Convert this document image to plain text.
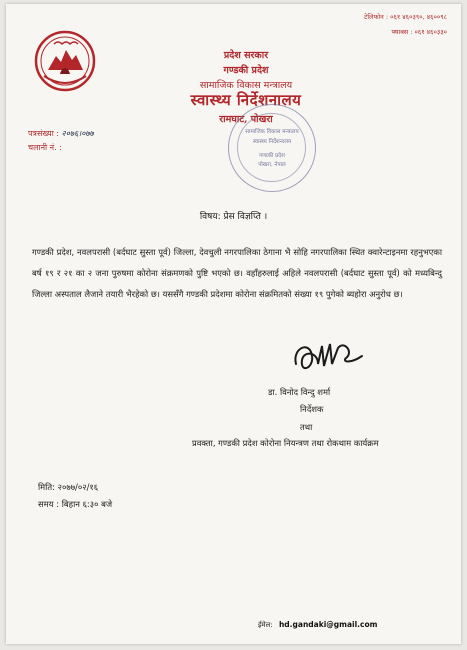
टेलिफोन : ०६१ ४६०३९०, ४६००९८
फ्याक्स : ०६१ ४६०३३०
प्रदेश सरकार
गण्डकी प्रदेश
सामाजिक विकास मन्त्रालय
स्वास्थ्य निर्देशनालय
रामघाट, पोखरा
सामाजिक विकास मन्त्रालय
स्वास्थ्य निर्देशनालय
गण्डकी प्रदेश
पोखरा, नेपाल
पत्रसंख्या : २०७६।०७७
चलानी नं. :
विषय: प्रेस विज्ञप्ति ।
गण्डकी प्रदेश, नवलपरासी (बर्दघाट सुस्ता पूर्व) जिल्ला, देवचुली नगरपालिका ठेगाना भै सोहि नगरपालिका स्थित क्वारेन्टाइनमा रहनुभएका बर्ष १९ र २१ का २ जना पुरुषमा कोरोना संक्रमणको पुष्टि भएको छ। वहाँहरुलाई अहिले नवलपरासी (बर्दघाट सुस्ता पूर्व) को मध्यबिन्दु जिल्ला अस्पताल लैजाने तयारी भैरहेको छ। यससँगै गण्डकी प्रदेशमा कोरोना संक्रमितको संख्या १९ पुगेको ब्यहोरा अनुरोध छ।
डा. विनोद विन्दु शर्मा
निर्देशक
तथा
प्रवक्ता, गण्डकी प्रदेश कोरोना नियन्त्रण तथा रोकथाम कार्यक्रम
मिति: २०७७/०२/१६
समय : बिहान ६:३० बजे
ईमेल: hd.gandaki@gmail.com
